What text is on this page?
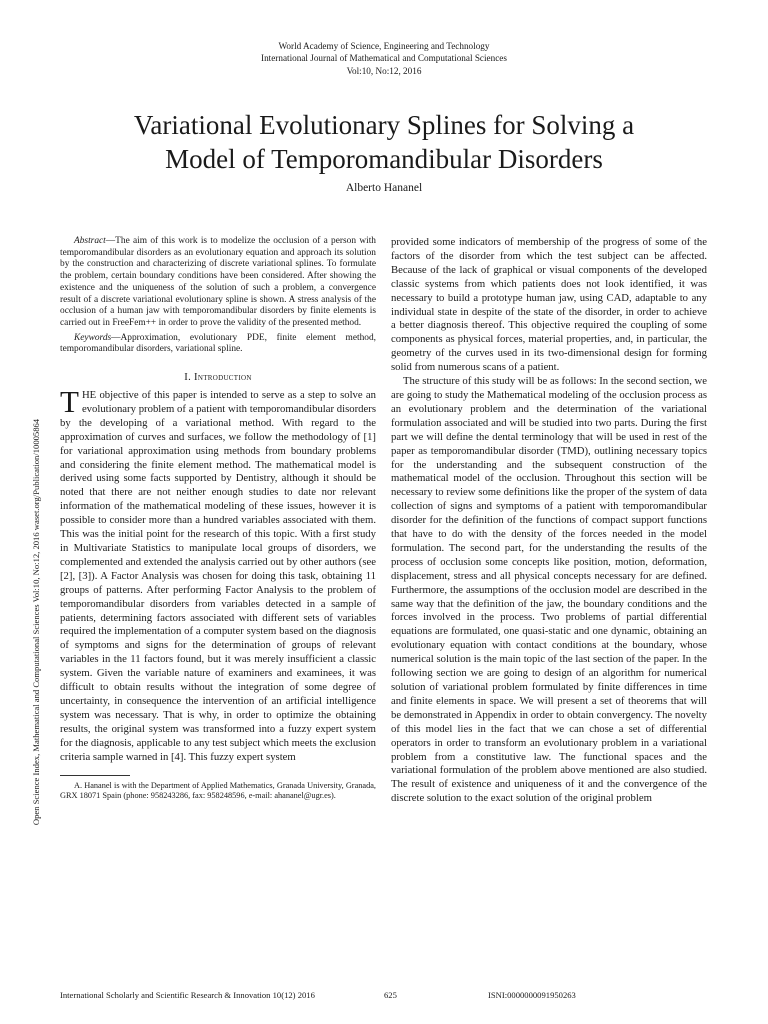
World Academy of Science, Engineering and Technology
International Journal of Mathematical and Computational Sciences
Vol:10, No:12, 2016
Variational Evolutionary Splines for Solving a
Model of Temporomandibular Disorders
Alberto Hananel
Open Science Index, Mathematical and Computational Sciences Vol:10, No:12, 2016 waset.org/Publication/10005864

Abstract—The aim of this work is to modelize the occlusion of a person with temporomandibular disorders as an evolutionary equation and approach its solution by the construction and characterizing of discrete variational splines. To formulate the problem, certain boundary conditions have been considered. After showing the existence and the uniqueness of the solution of such a problem, a convergence result of a discrete variational evolutionary spline is shown. A stress analysis of the occlusion of a human jaw with temporomandibular disorders by finite elements is carried out in FreeFem++ in order to prove the validity of the presented method.

Keywords—Approximation, evolutionary PDE, finite element method, temporomandibular disorders, variational spline.

I. Introduction

THE objective of this paper is intended to serve as a step to solve an evolutionary problem of a patient with temporomandibular disorders by the developing of a variational method. With regard to the approximation of curves and surfaces, we follow the methodology of [1] for variational approximation using methods from boundary problems and considering the finite element method. The mathematical model is derived using some facts supported by Dentistry, although it should be noted that there are not neither enough studies to date nor relevant information of the mathematical modeling of these issues, however it is possible to consider more than a hundred variables associated with them. This was the initial point for the research of this topic. With a first study in Multivariate Statistics to manipulate local groups of disorders, we complemented and extended the analysis carried out by other authors (see [2], [3]). A Factor Analysis was chosen for doing this task, obtaining 11 groups of patterns. After performing Factor Analysis to the problem of temporomandibular disorders from variables detected in a sample of patients, determining factors associated with different sets of variables required the implementation of a computer system based on the diagnosis of symptoms and signs for the determination of groups of relevant variables in the 11 factors found, but it was merely insufficient a classic system. Given the variable nature of examiners and examinees, it was difficult to obtain results without the integration of some degree of uncertainty, in consequence the intervention of an artificial intelligence system was necessary. That is why, in order to optimize the obtaining results, the original system was transformed into a fuzzy expert system for the diagnosis, applicable to any test subject which meets the exclusion criteria sample warned in [4]. This fuzzy expert system

A. Hananel is with the Department of Applied Mathematics, Granada University, Granada, GRX 18071 Spain (phone: 958243286, fax: 958248596, e-mail: ahananel@ugr.es).

provided some indicators of membership of the progress of some of the factors of the disorder from which the test subject can be affected. Because of the lack of graphical or visual components of the developed classic systems from which patients does not look identified, it was necessary to build a prototype human jaw, using CAD, adaptable to any individual state in despite of the state of the disorder, in order to achieve a better diagnosis thereof. This objective required the coupling of some components as physical forces, material properties, and, in particular, the geometry of the curves used in its two-dimensional design for forming solid from numerous scans of a patient.

The structure of this study will be as follows: In the second section, we are going to study the Mathematical modeling of the occlusion process as an evolutionary problem and the determination of the variational formulation associated and will be studied into two parts. During the first part we will define the dental terminology that will be used in rest of the paper as temporomandibular disorder (TMD), outlining necessary topics for the understanding and the subsequent construction of the mathematical model of the occlusion. Throughout this section will be necessary to review some definitions like the proper of the system of data collection of signs and symptoms of a patient with temporomandibular disorder for the definition of the functions of compact support functions that have to do with the density of the forces needed in the model formulation. The second part, for the understanding the results of the process of occlusion some concepts like position, motion, deformation, displacement, stress and all physical concepts necessary for are defined. Furthermore, the assumptions of the occlusion model are described in the same way that the definition of the jaw, the boundary conditions and the forces involved in the process. Two problems of partial differential equations are formulated, one quasi-static and one dynamic, obtaining an evolutionary equation with contact conditions at the boundary, whose numerical solution is the main topic of the last section of the paper. In the following section we are going to design of an algorithm for numerical solution of variational problem formulated by finite differences in time and finite elements in space. We will present a set of theorems that will be demonstrated in Appendix in order to obtain convergency. The novelty of this model lies in the fact that we can chose a set of differential operators in order to transform an evolutionary problem in a variational problem from a constitutive law. The functional spaces and the variational formulation of the problem above mentioned are also studied. The result of existence and uniqueness of it and the convergence of the discrete solution to the exact solution of the original problem

International Scholarly and Scientific Research & Innovation 10(12) 2016	625	ISNI:0000000091950263
